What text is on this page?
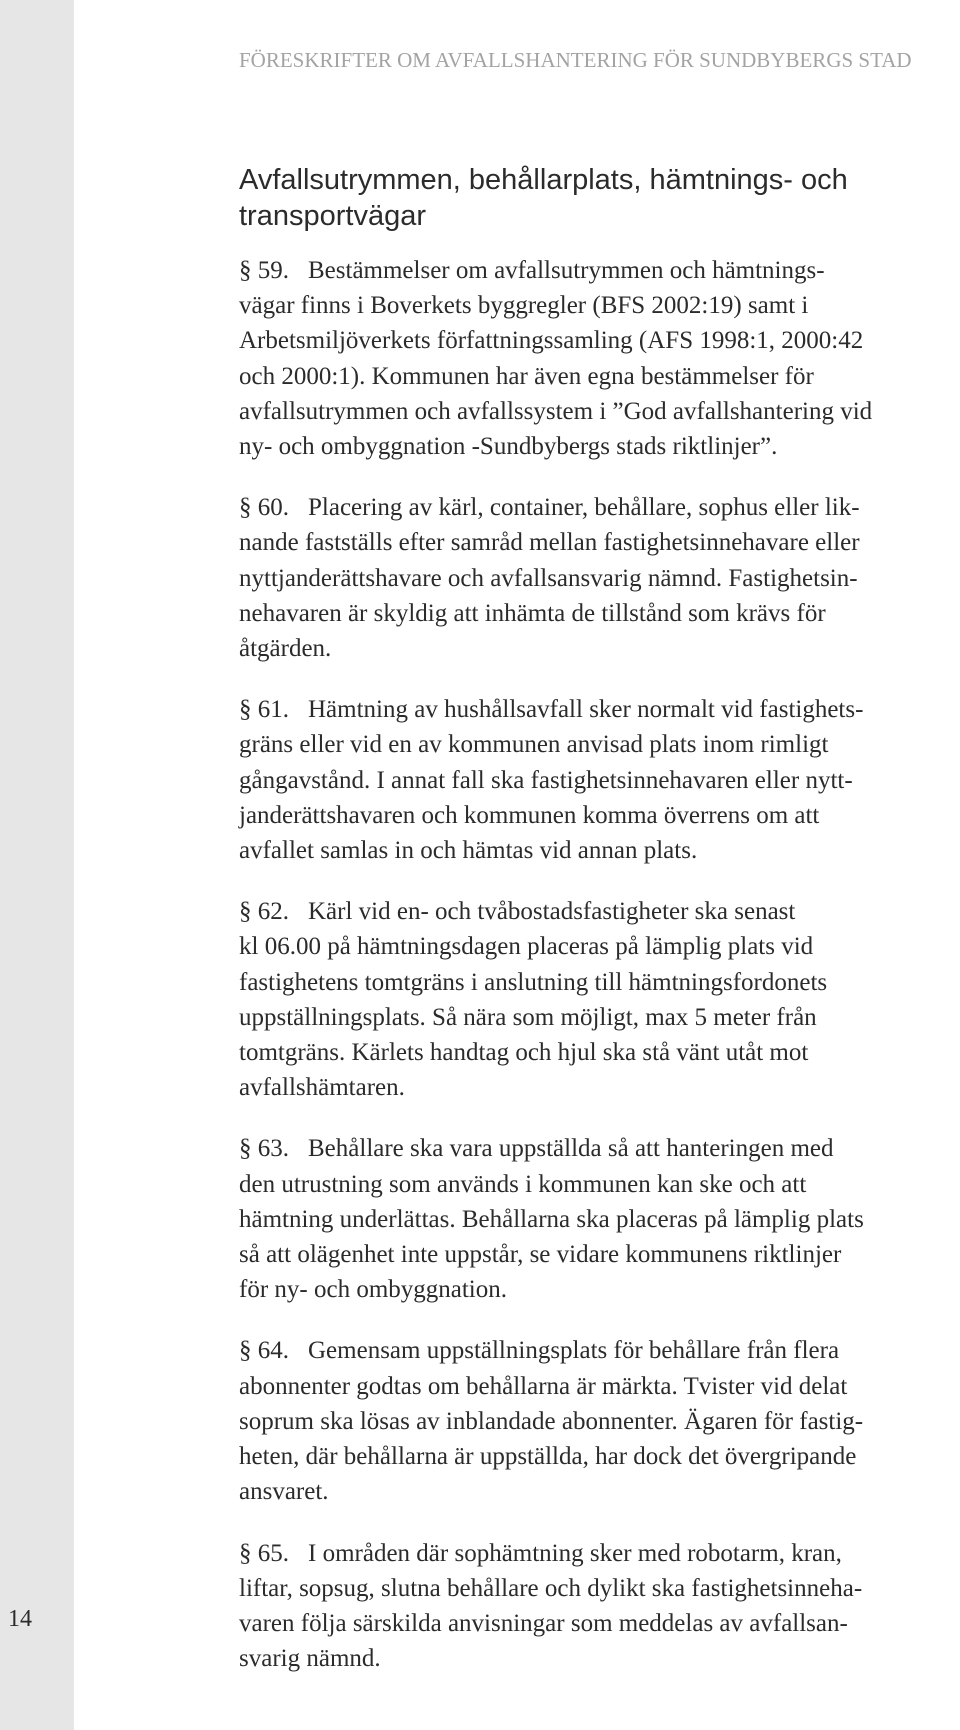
14
FÖRESKRIFTER OM AVFALLSHANTERING FÖR SUNDBYBERGS STAD
Avfallsutrymmen, behållarplats, hämtnings- och transportvägar

§ 59. Bestämmelser om avfallsutrymmen och hämtnings-
vägar finns i Boverkets byggregler (BFS 2002:19) samt i
Arbetsmiljöverkets författningssamling (AFS 1998:1, 2000:42
och 2000:1). Kommunen har även egna bestämmelser för
avfallsutrymmen och avfallssystem i ”God avfallshantering vid
ny- och ombyggnation -Sundbybergs stads riktlinjer”.

§ 60. Placering av kärl, container, behållare, sophus eller lik-
nande fastställs efter samråd mellan fastighetsinnehavare eller
nyttjanderättshavare och avfallsansvarig nämnd. Fastighetsin-
nehavaren är skyldig att inhämta de tillstånd som krävs för
åtgärden.

§ 61. Hämtning av hushållsavfall sker normalt vid fastighets-
gräns eller vid en av kommunen anvisad plats inom rimligt
gångavstånd. I annat fall ska fastighetsinnehavaren eller nytt-
janderättshavaren och kommunen komma överrens om att
avfallet samlas in och hämtas vid annan plats.

§ 62. Kärl vid en- och tvåbostadsfastigheter ska senast
kl 06.00 på hämtningsdagen placeras på lämplig plats vid
fastighetens tomtgräns i anslutning till hämtningsfordonets
uppställningsplats. Så nära som möjligt, max 5 meter från
tomtgräns. Kärlets handtag och hjul ska stå vänt utåt mot
avfallshämtaren.

§ 63. Behållare ska vara uppställda så att hanteringen med
den utrustning som används i kommunen kan ske och att
hämtning underlättas. Behållarna ska placeras på lämplig plats
så att olägenhet inte uppstår, se vidare kommunens riktlinjer
för ny- och ombyggnation.

§ 64. Gemensam uppställningsplats för behållare från flera
abonnenter godtas om behållarna är märkta. Tvister vid delat
soprum ska lösas av inblandade abonnenter. Ägaren för fastig-
heten, där behållarna är uppställda, har dock det övergripande
ansvaret.

§ 65. I områden där sophämtning sker med robotarm, kran,
liftar, sopsug, slutna behållare och dylikt ska fastighetsinneha-
varen följa särskilda anvisningar som meddelas av avfallsan-
svarig nämnd.
